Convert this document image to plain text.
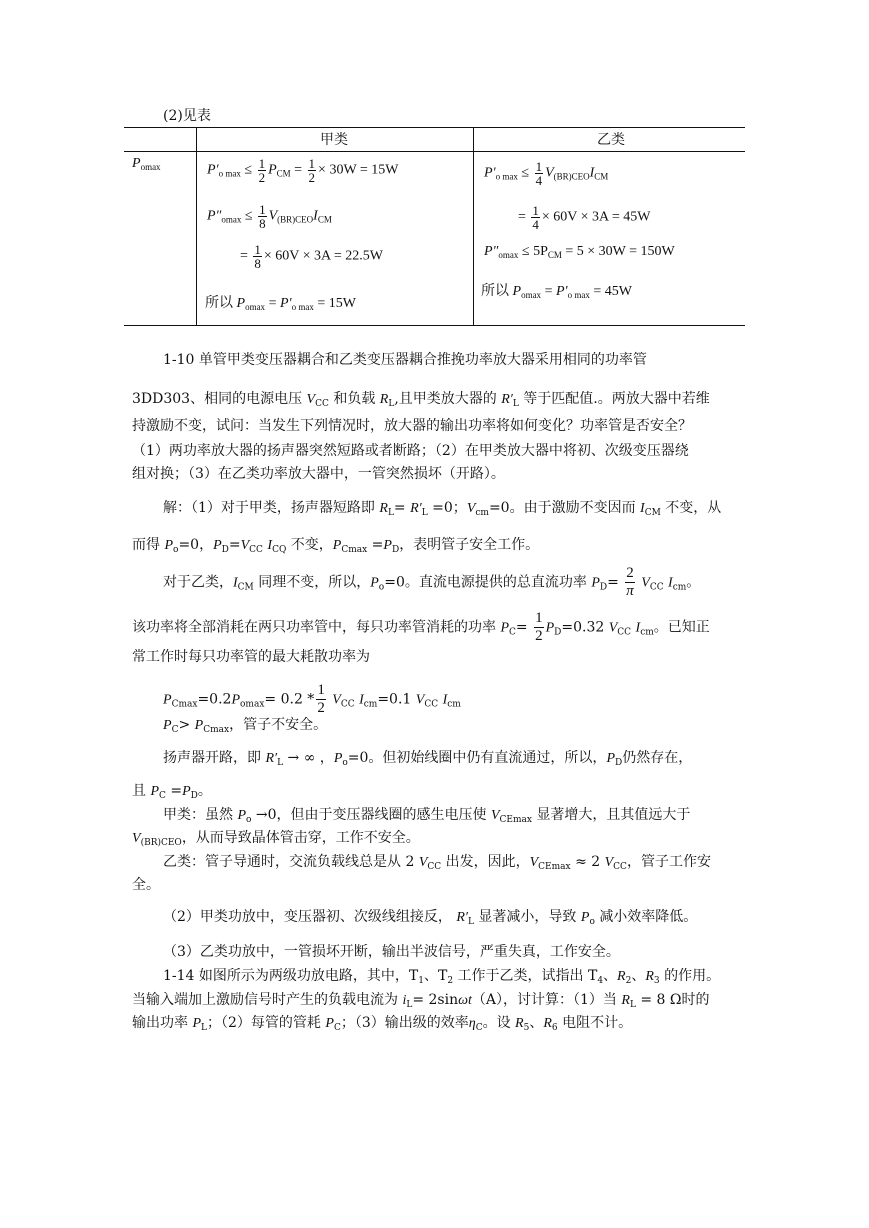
(2)见表
甲类	乙类
$P_{omax}$	$P'_{o max} \le \frac{1}{2} P_{CM} = \frac{1}{2} \times 30W = 15W$
$P''_{omax} \le \frac{1}{8} V_{(BR)CEO}I_{CM}$
= $\frac{1}{8} \times 60V \times 3A = 22.5W$
所以 $P_{omax} = P'_{o max} = 15W$
$P'_{o max} \le \frac{1}{4} V_{(BR)CEO}I_{CM}$
= $\frac{1}{4} \times 60V \times 3A = 45W$
$P''_{omax} \le 5P_{CM} = 5 \times 30W = 150W$
所以 $P_{omax} = P'_{o max} = 45W$
1-10 单管甲类变压器耦合和乙类变压器耦合推挽功率放大器采用相同的功率管
3DD303、相同的电源电压 $V_{CC}$ 和负载 $R_L$,且甲类放大器的 $R'_L$ 等于匹配值.。两放大器中若维
持激励不变，试问：当发生下列情况时，放大器的输出功率将如何变化？功率管是否安全？
（1）两功率放大器的扬声器突然短路或者断路；（2）在甲类放大器中将初、次级变压器绕
组对换；（3）在乙类功率放大器中，一管突然损坏（开路）。
解：（1）对于甲类，扬声器短路即 $R_L= R'_L =0$；$V_{cm}=0$。由于激励不变因而 $I_{CM}$ 不变，从
而得 $P_o=0$，$P_D=V_{CC}$ $I_{CQ}$ 不变，$P_{Cmax} =P_D$，表明管子安全工作。
对于乙类，$I_{CM}$ 同理不变，所以，$P_o=0$。直流电源提供的总直流功率 $P_D= \frac{2}{\pi} V_{CC}$ $I_{cm}$。
该功率将全部消耗在两只功率管中，每只功率管消耗的功率 $P_C= \frac{1}{2} P_D=0.32$ $V_{CC}$ $I_{cm}$。已知正
常工作时每只功率管的最大耗散功率为
$P_{Cmax}=0.2P_{omax}= 0.2 * \frac{1}{2} V_{CC}$ $I_{cm}=0.1$ $V_{CC}$ $I_{cm}$
$P_C> P_{Cmax}$，管子不安全。
扬声器开路，即 $R'_L$ → ∞ ，$P_o=0$。但初始线圈中仍有直流通过，所以，$P_D$仍然存在，
且 $P_C =P_D$。
甲类：虽然 $P_o \to 0$，但由于变压器线圈的感生电压使 $V_{CEmax}$ 显著增大，且其值远大于
$V_{(BR)CEO}$，从而导致晶体管击穿，工作不安全。
乙类：管子导通时，交流负载线总是从 2 $V_{CC}$ 出发，因此，$V_{CEmax} \approx 2$ $V_{CC}$，管子工作安
全。
（2）甲类功放中，变压器初、次级线组接反， $R'_L$ 显著减小，导致 $P_o$ 减小效率降低。
（3）乙类功放中，一管损坏开断，输出半波信号，严重失真，工作安全。
1-14 如图所示为两级功放电路，其中，$T_1$、$T_2$ 工作于乙类，试指出 $T_4$、$R_2$、$R_3$ 的作用。
当输入端加上激励信号时产生的负载电流为 $i_L= 2\sin\omega t(A)$，讨计算：（1）当 $R_L = 8$ Ω时的
输出功率 $P_L$；（2）每管的管耗 $P_C$；（3）输出级的效率$\eta_C$。设 $R_5$、$R_6$ 电阻不计。
